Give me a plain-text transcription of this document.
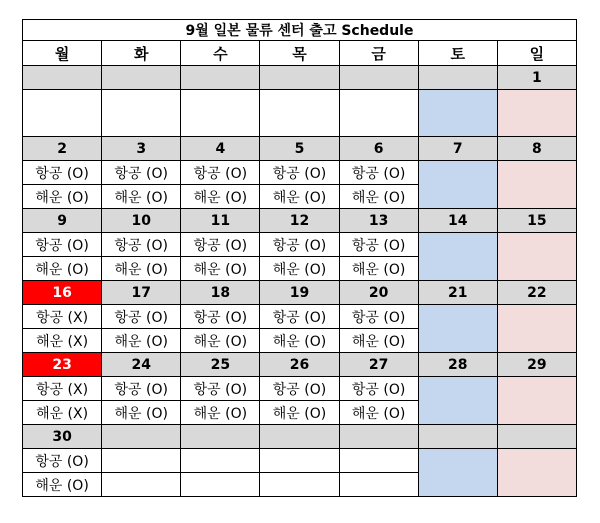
9월 일본 물류 센터 출고 Schedule						
월	화	수	목	금	토	일
						1

2	3	4	5	6	7	8
항공 (O)	항공 (O)	항공 (O)	항공 (O)	항공 (O)		
해운 (O)	해운 (O)	해운 (O)	해운 (O)	해운 (O)		
9	10	11	12	13	14	15
항공 (O)	항공 (O)	항공 (O)	항공 (O)	항공 (O)		
해운 (O)	해운 (O)	해운 (O)	해운 (O)	해운 (O)		
16	17	18	19	20	21	22
항공 (X)	항공 (O)	항공 (O)	항공 (O)	항공 (O)		
해운 (X)	해운 (O)	해운 (O)	해운 (O)	해운 (O)		
23	24	25	26	27	28	29
항공 (X)	항공 (O)	항공 (O)	항공 (O)	항공 (O)		
해운 (X)	해운 (O)	해운 (O)	해운 (O)	해운 (O)		
30						
항공 (O)						
해운 (O)						
